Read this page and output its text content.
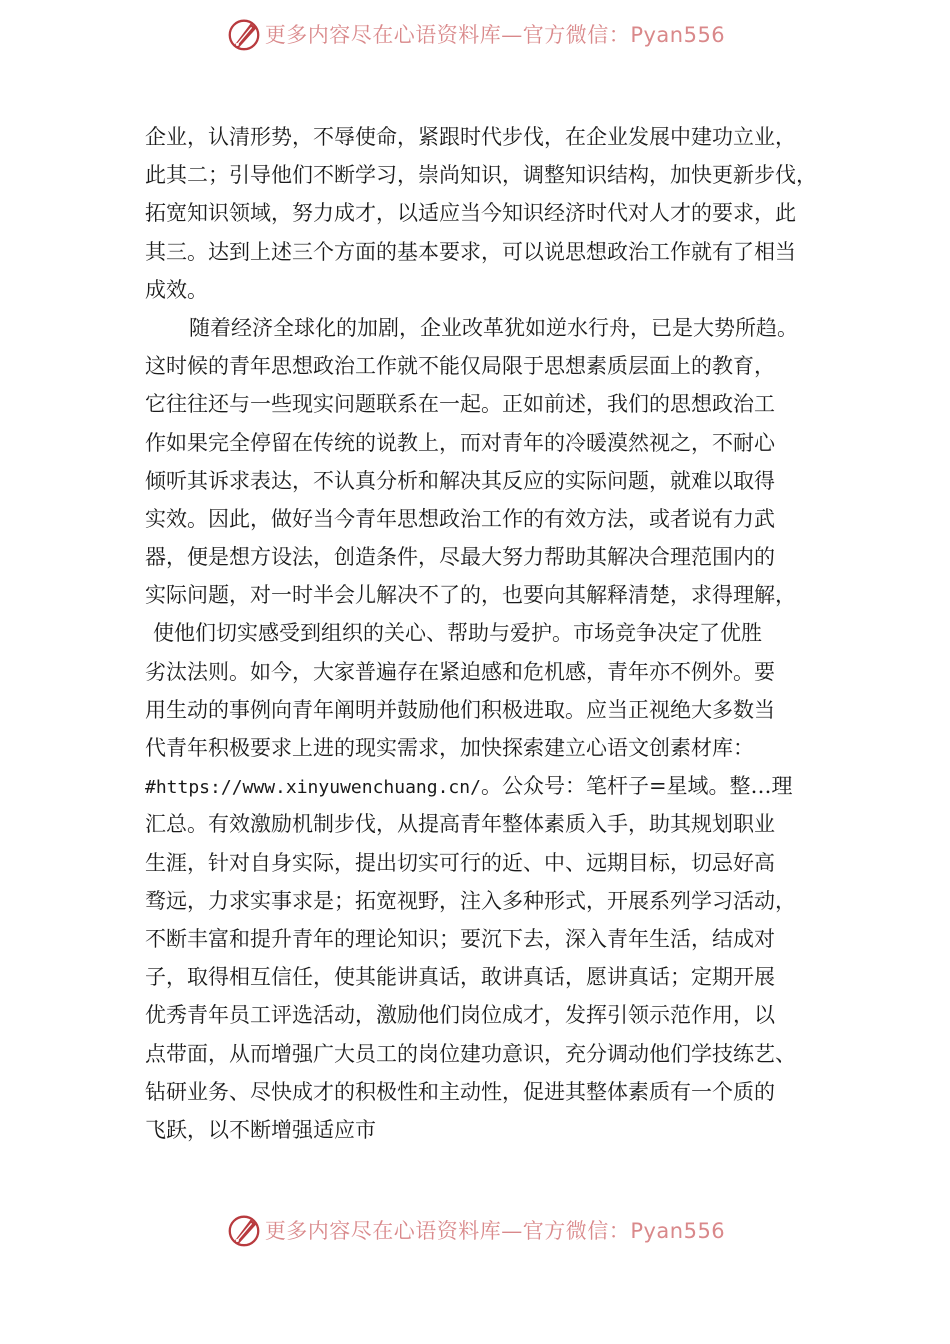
更多内容尽在心语资料库—官方微信：Pyan556
企业，认清形势，不辱使命，紧跟时代步伐，在企业发展中建功立业，
此其二；引导他们不断学习，崇尚知识，调整知识结构，加快更新步伐，
拓宽知识领域，努力成才，以适应当今知识经济时代对人才的要求，此
其三。达到上述三个方面的基本要求，可以说思想政治工作就有了相当
成效。
随着经济全球化的加剧，企业改革犹如逆水行舟，已是大势所趋。
这时候的青年思想政治工作就不能仅局限于思想素质层面上的教育，
它往往还与一些现实问题联系在一起。正如前述，我们的思想政治工
作如果完全停留在传统的说教上，而对青年的冷暖漠然视之，不耐心
倾听其诉求表达，不认真分析和解决其反应的实际问题，就难以取得
实效。因此，做好当今青年思想政治工作的有效方法，或者说有力武
器，便是想方设法，创造条件，尽最大努力帮助其解决合理范围内的
实际问题，对一时半会儿解决不了的，也要向其解释清楚，求得理解，
使他们切实感受到组织的关心、帮助与爱护。市场竞争决定了优胜
劣汰法则。如今，大家普遍存在紧迫感和危机感，青年亦不例外。要
用生动的事例向青年阐明并鼓励他们积极进取。应当正视绝大多数当
代青年积极要求上进的现实需求，加快探索建立心语文创素材库：
#https://www.xinyuwenchuang.cn/。公众号：笔杆子=星域。整…理
汇总。有效激励机制步伐，从提高青年整体素质入手，助其规划职业
生涯，针对自身实际，提出切实可行的近、中、远期目标，切忌好高
骛远，力求实事求是；拓宽视野，注入多种形式，开展系列学习活动，
不断丰富和提升青年的理论知识；要沉下去，深入青年生活，结成对
子，取得相互信任，使其能讲真话，敢讲真话，愿讲真话；定期开展
优秀青年员工评选活动，激励他们岗位成才，发挥引领示范作用，以
点带面，从而增强广大员工的岗位建功意识，充分调动他们学技练艺、
钻研业务、尽快成才的积极性和主动性，促进其整体素质有一个质的
飞跃，以不断增强适应市
更多内容尽在心语资料库—官方微信：Pyan556
